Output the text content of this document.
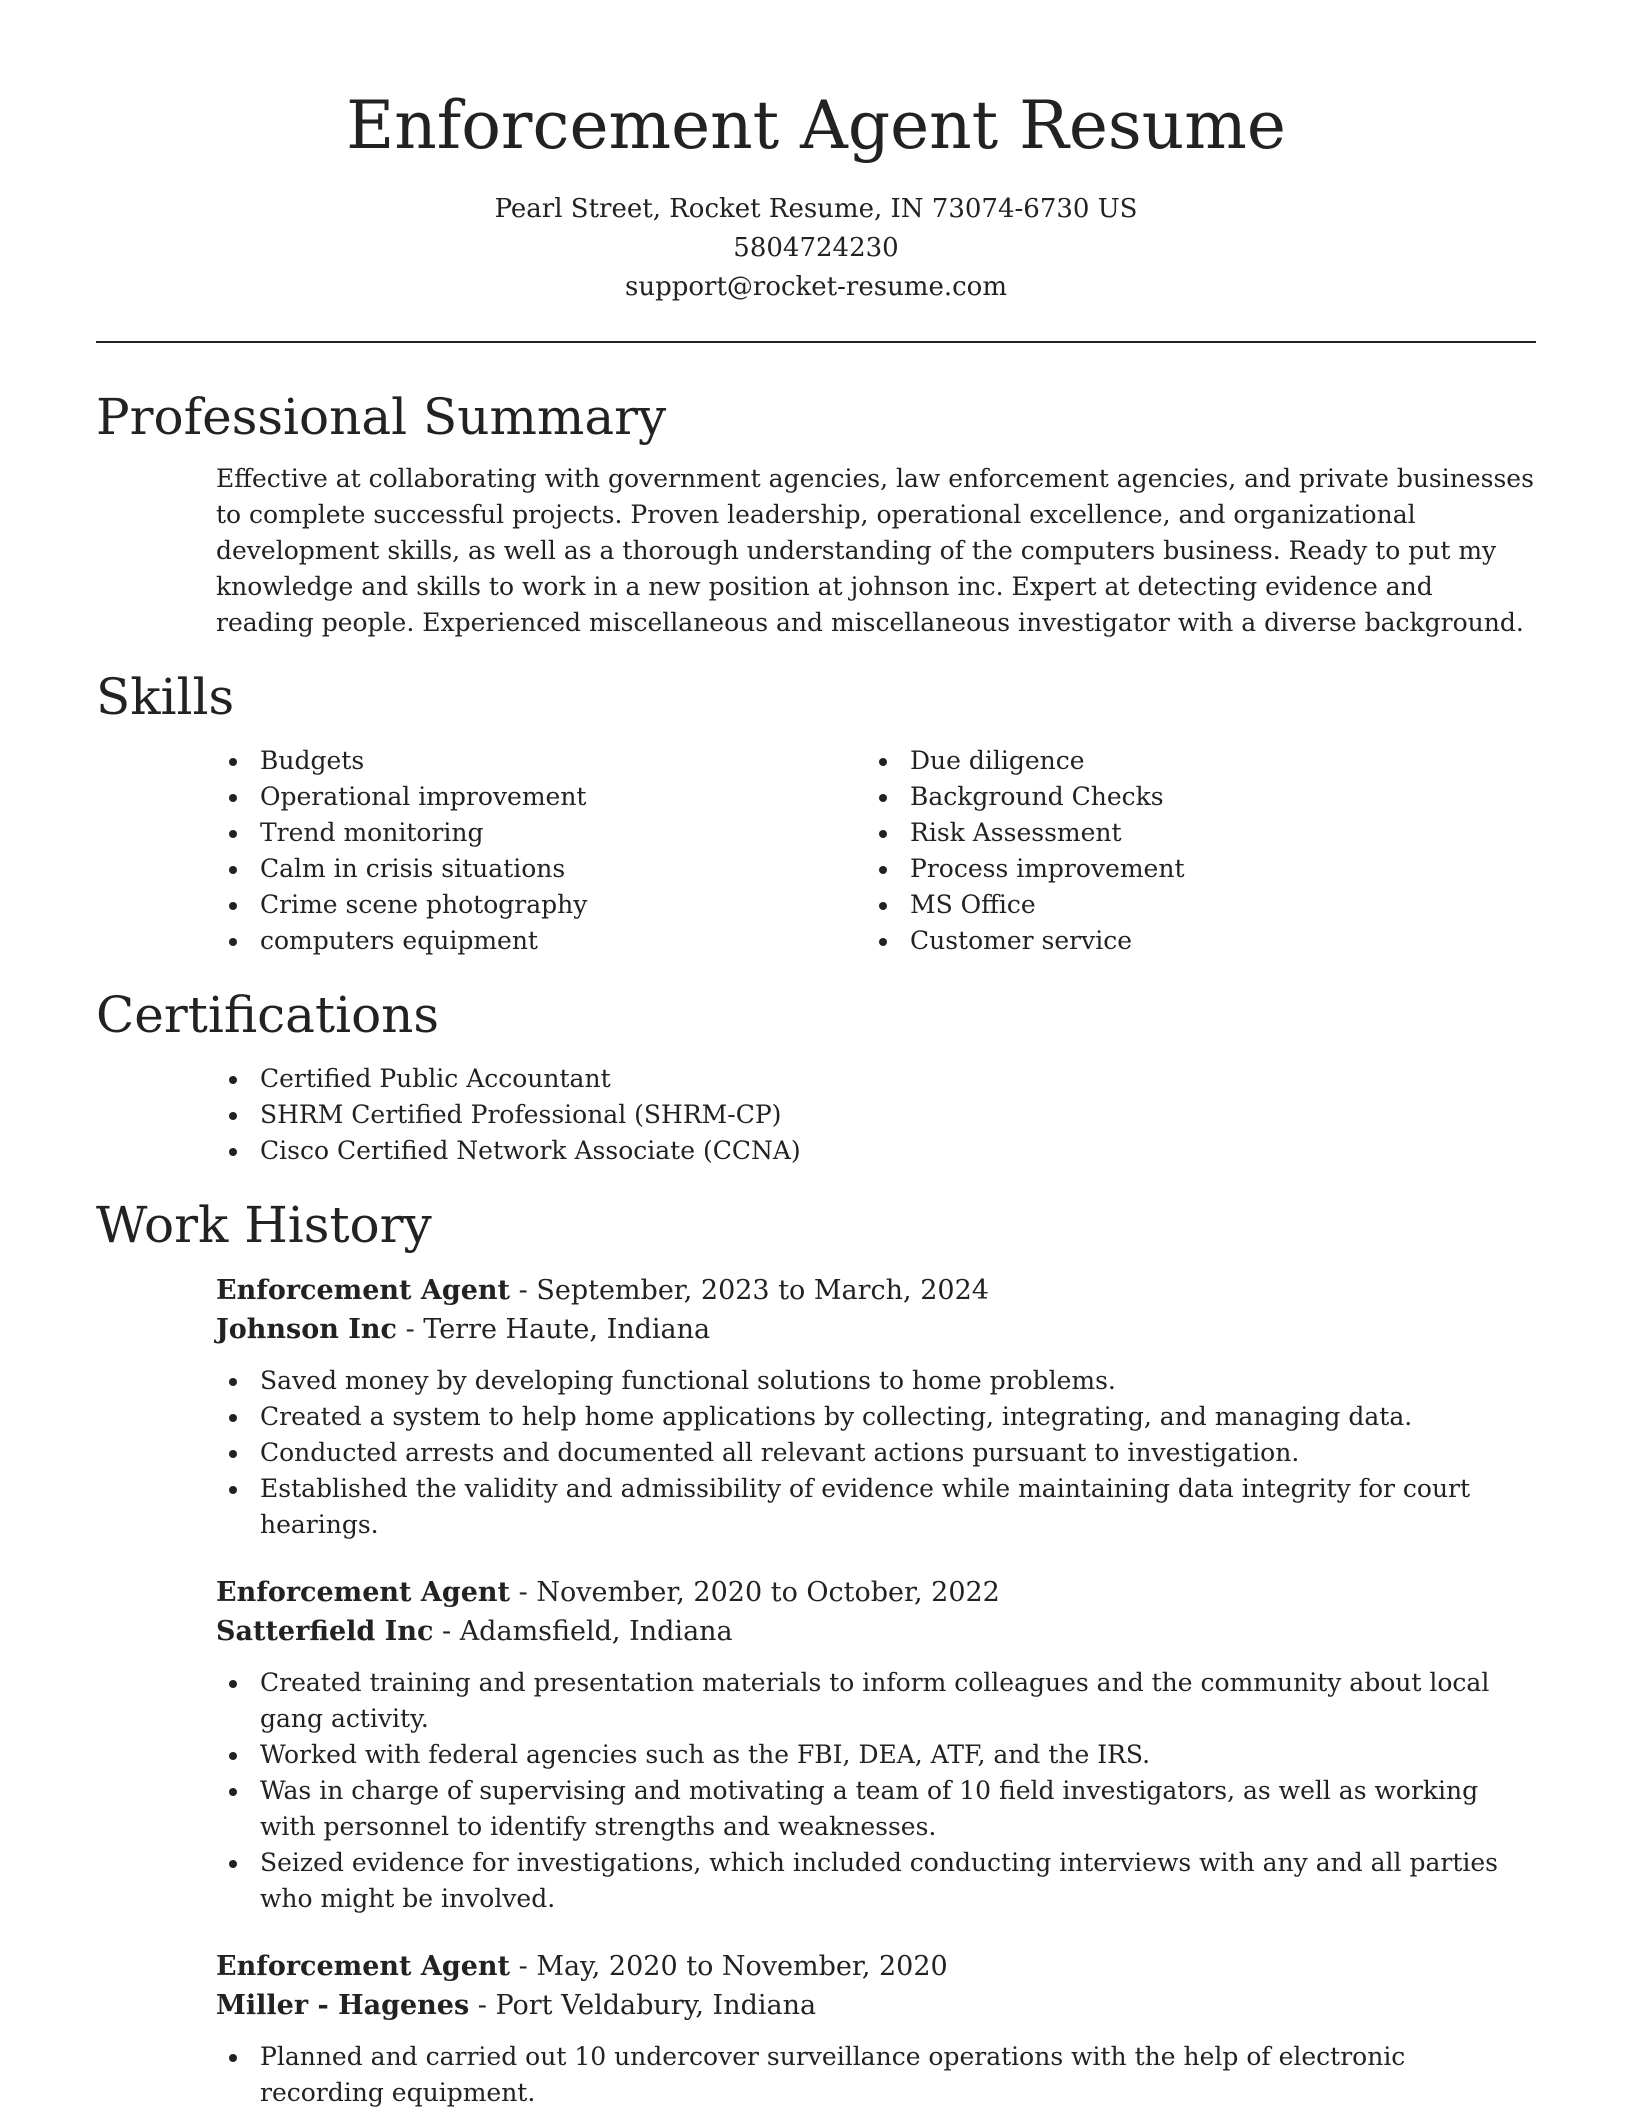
Enforcement Agent Resume
Pearl Street, Rocket Resume, IN 73074-6730 US
5804724230
support@rocket-resume.com
Professional Summary

Effective at collaborating with government agencies, law enforcement agencies, and private businesses to complete successful projects. Proven leadership, operational excellence, and organizational development skills, as well as a thorough understanding of the computers business. Ready to put my knowledge and skills to work in a new position at johnson inc. Expert at detecting evidence and reading people. Experienced miscellaneous and miscellaneous investigator with a diverse background.

Skills
Budgets
Operational improvement
Trend monitoring
Calm in crisis situations
Crime scene photography
computers equipment
Due diligence
Background Checks
Risk Assessment
Process improvement
MS Office
Customer service
Certifications
Certified Public Accountant
SHRM Certified Professional (SHRM-CP)
Cisco Certified Network Associate (CCNA)
Work History
Enforcement Agent - September, 2023 to March, 2024
Johnson Inc - Terre Haute, Indiana
Saved money by developing functional solutions to home problems.
Created a system to help home applications by collecting, integrating, and managing data.
Conducted arrests and documented all relevant actions pursuant to investigation.
Established the validity and admissibility of evidence while maintaining data integrity for court hearings.
Enforcement Agent - November, 2020 to October, 2022
Satterfield Inc - Adamsfield, Indiana
Created training and presentation materials to inform colleagues and the community about local gang activity.
Worked with federal agencies such as the FBI, DEA, ATF, and the IRS.
Was in charge of supervising and motivating a team of 10 field investigators, as well as working with personnel to identify strengths and weaknesses.
Seized evidence for investigations, which included conducting interviews with any and all parties who might be involved.
Enforcement Agent - May, 2020 to November, 2020
Miller - Hagenes - Port Veldabury, Indiana
Planned and carried out 10 undercover surveillance operations with the help of electronic recording equipment.
